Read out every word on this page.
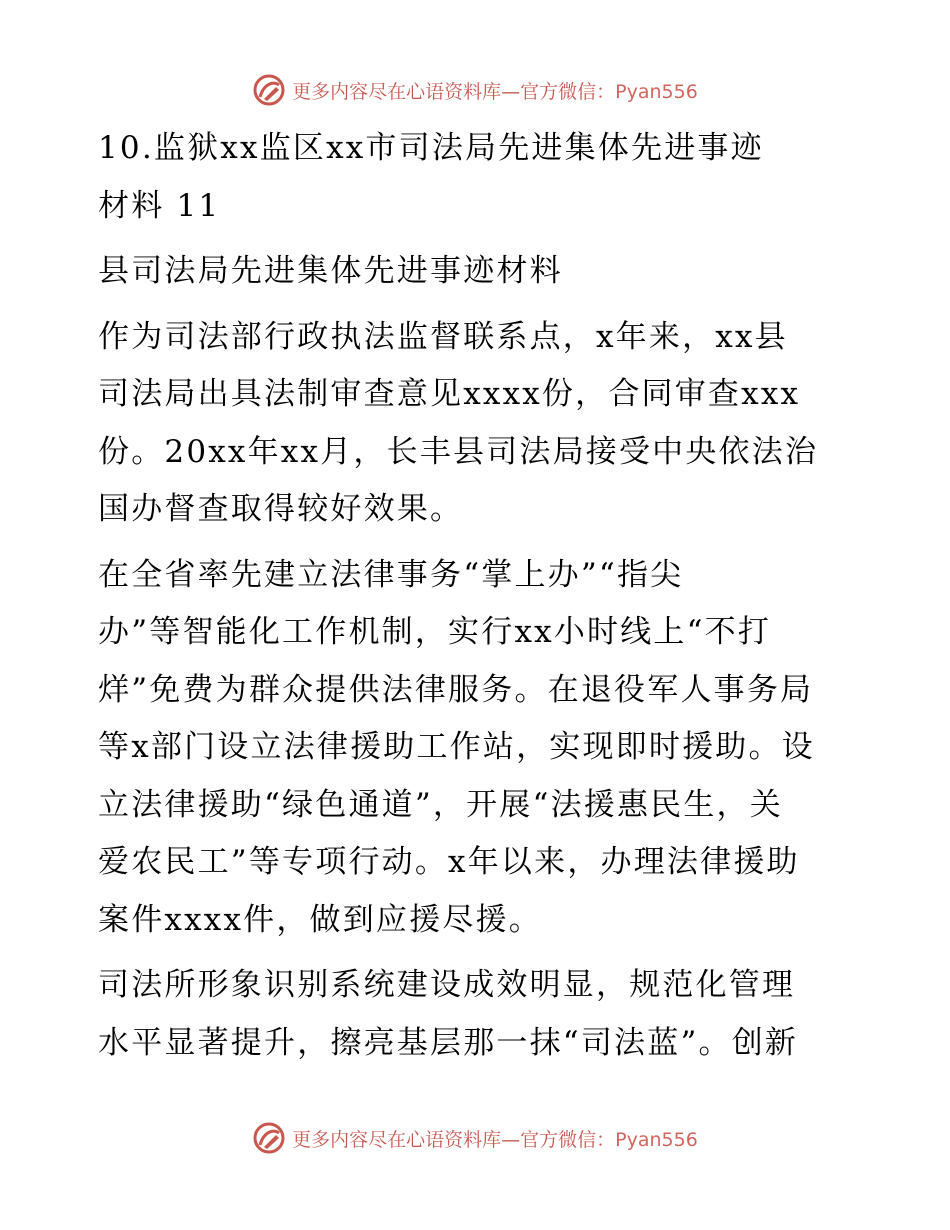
更多内容尽在心语资料库—官方微信：Pyan556
10.监狱xx监区xx市司法局先进集体先进事迹
材料 11
县司法局先进集体先进事迹材料
作为司法部行政执法监督联系点，x年来，xx县
司法局出具法制审查意见xxxx份，合同审查xxx
份。20xx年xx月，长丰县司法局接受中央依法治
国办督查取得较好效果。
在全省率先建立法律事务“掌上办”“指尖
办”等智能化工作机制，实行xx小时线上“不打
烊”免费为群众提供法律服务。在退役军人事务局
等x部门设立法律援助工作站，实现即时援助。设
立法律援助“绿色通道”，开展“法援惠民生，关
爱农民工”等专项行动。x年以来，办理法律援助
案件xxxx件，做到应援尽援。
司法所形象识别系统建设成效明显，规范化管理
水平显著提升，擦亮基层那一抹“司法蓝”。创新
更多内容尽在心语资料库—官方微信：Pyan556
